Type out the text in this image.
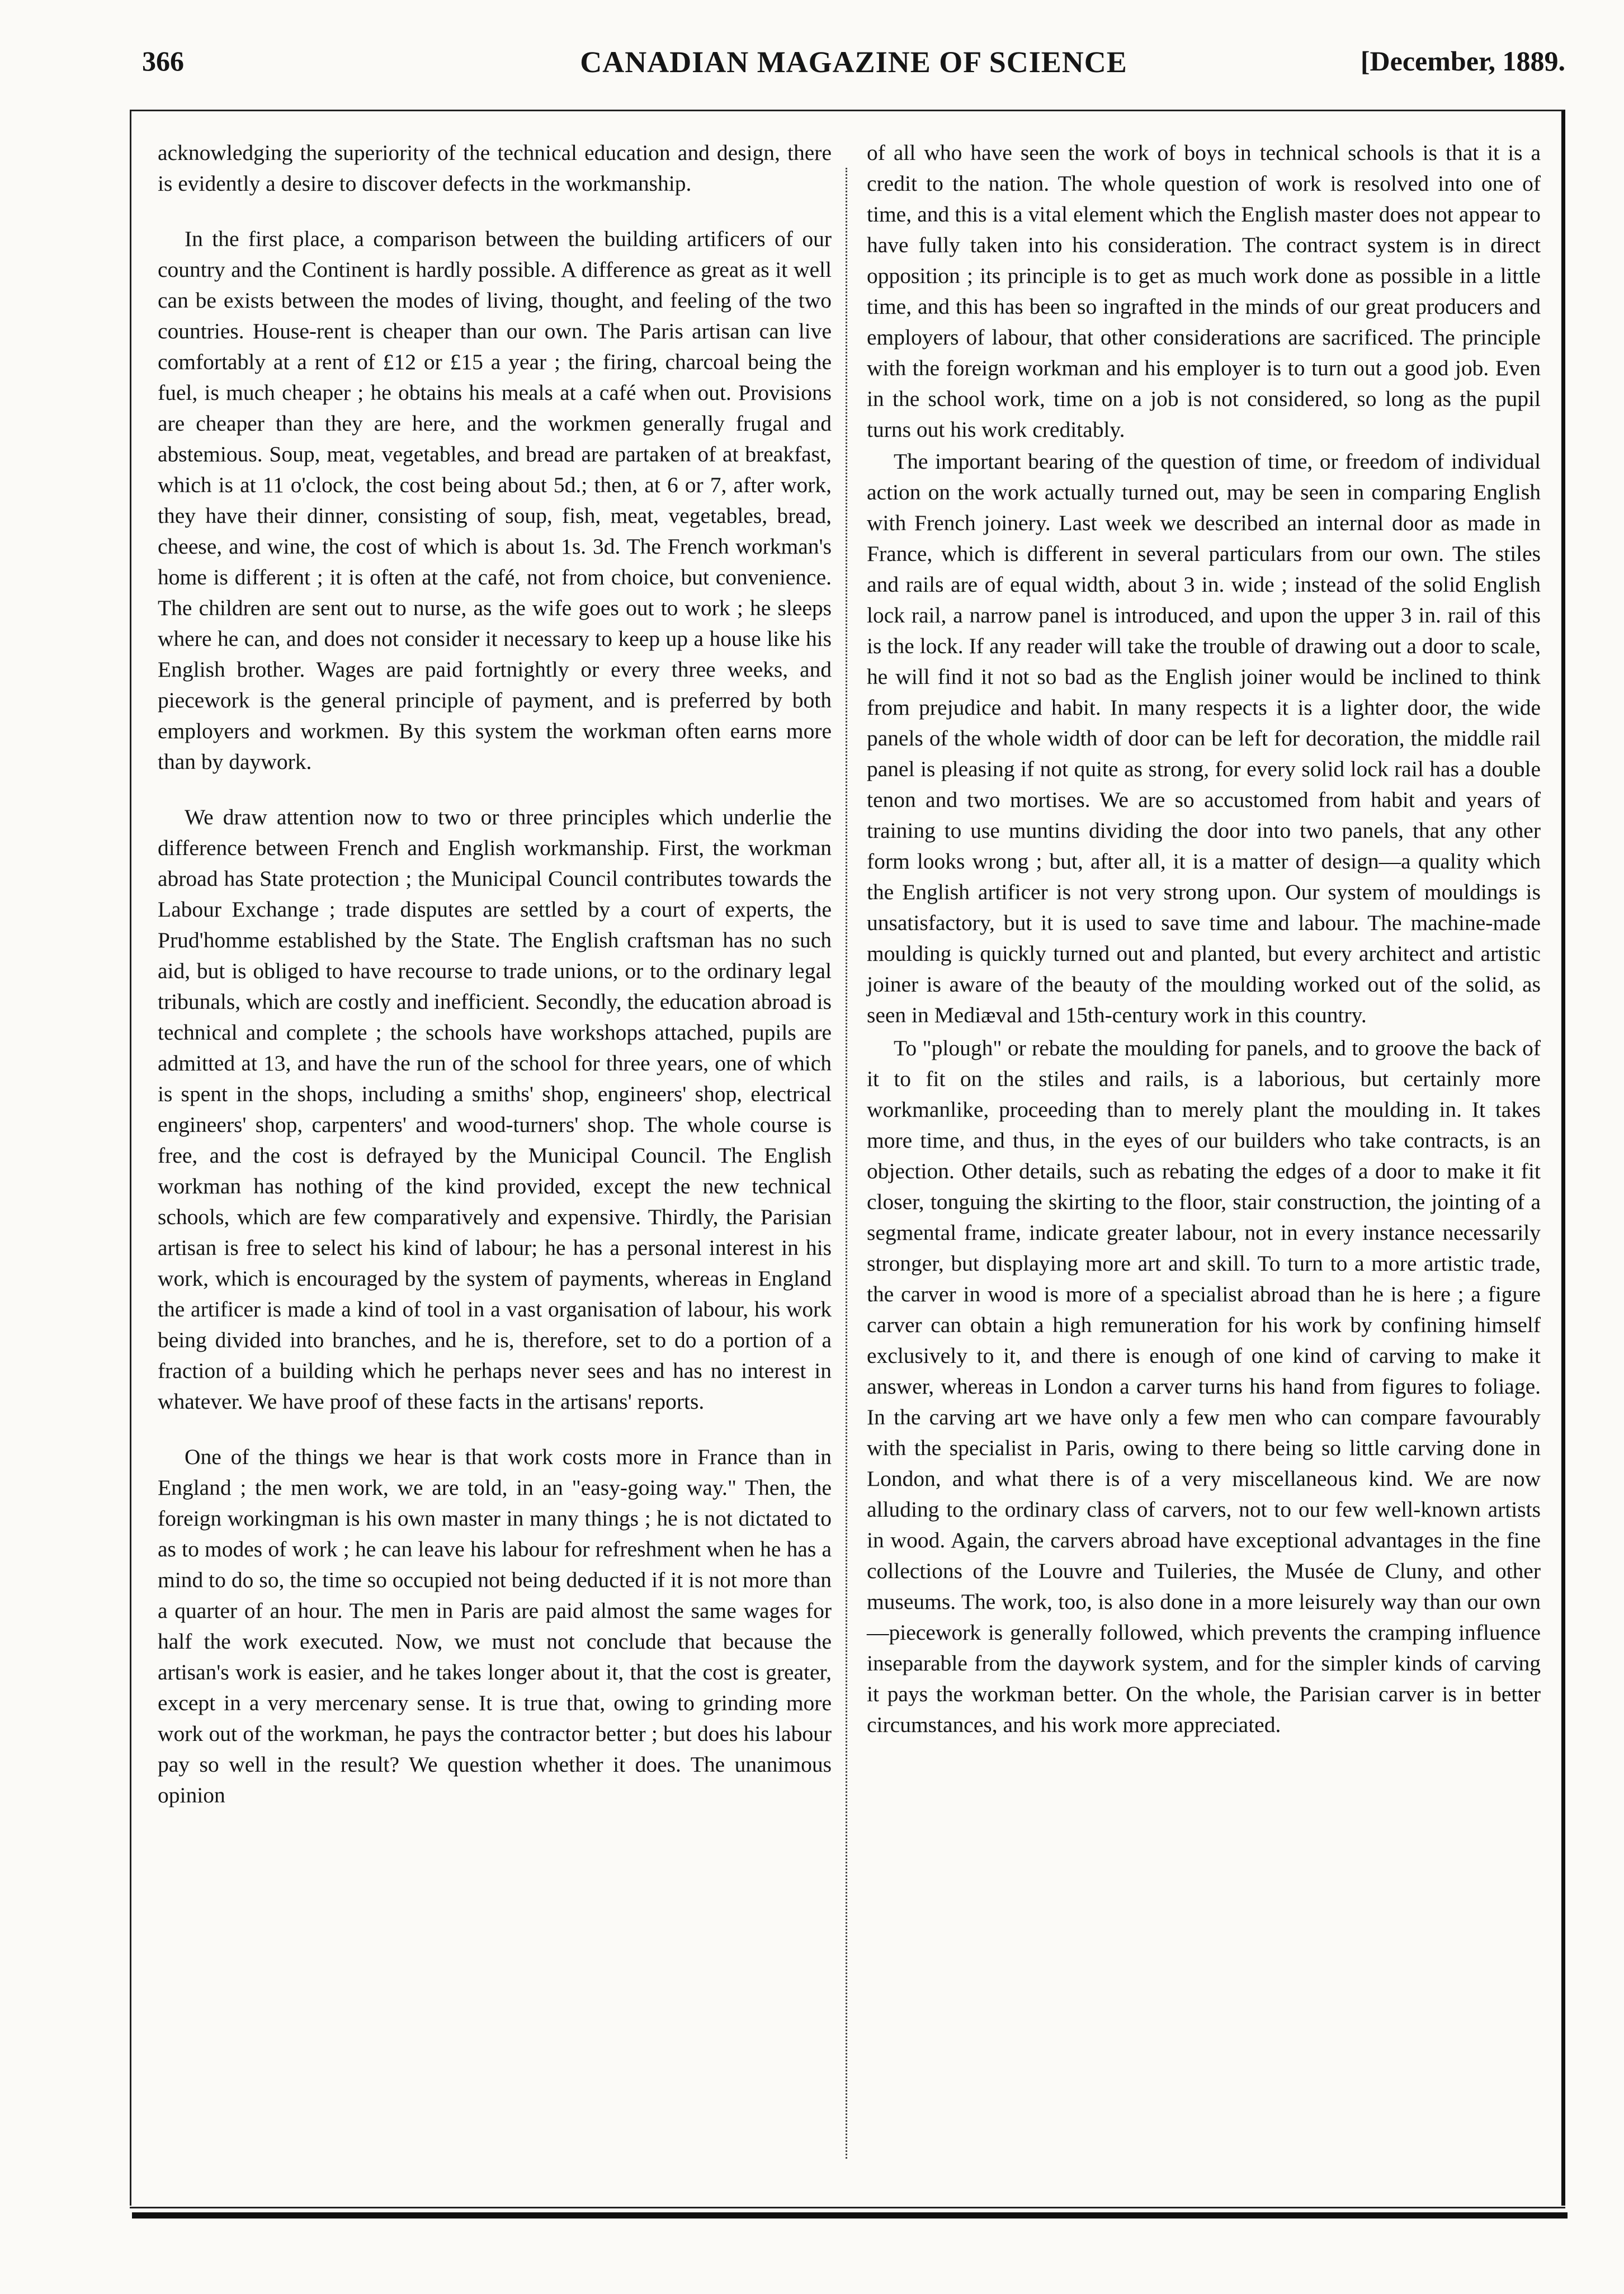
366	CANADIAN MAGAZINE OF SCIENCE	[December, 1889.

acknowledging the superiority of the technical education and design, there is evidently a desire to discover defects in the workmanship.

In the first place, a comparison between the building artificers of our country and the Continent is hardly possible. A difference as great as it well can be exists between the modes of living, thought, and feeling of the two countries. House-rent is cheaper than our own. The Paris artisan can live comfortably at a rent of £12 or £15 a year ; the firing, charcoal being the fuel, is much cheaper ; he obtains his meals at a café when out. Provisions are cheaper than they are here, and the workmen generally frugal and abstemious. Soup, meat, vegetables, and bread are partaken of at breakfast, which is at 11 o'clock, the cost being about 5d.; then, at 6 or 7, after work, they have their dinner, consisting of soup, fish, meat, vegetables, bread, cheese, and wine, the cost of which is about 1s. 3d. The French workman's home is different ; it is often at the café, not from choice, but convenience. The children are sent out to nurse, as the wife goes out to work ; he sleeps where he can, and does not consider it necessary to keep up a house like his English brother. Wages are paid fortnightly or every three weeks, and piecework is the general principle of payment, and is preferred by both employers and workmen. By this system the workman often earns more than by daywork.

We draw attention now to two or three principles which underlie the difference between French and English workmanship. First, the workman abroad has State protection ; the Municipal Council contributes towards the Labour Exchange ; trade disputes are settled by a court of experts, the Prud'homme established by the State. The English craftsman has no such aid, but is obliged to have recourse to trade unions, or to the ordinary legal tribunals, which are costly and inefficient. Secondly, the education abroad is technical and complete ; the schools have workshops attached, pupils are admitted at 13, and have the run of the school for three years, one of which is spent in the shops, including a smiths' shop, engineers' shop, electrical engineers' shop, carpenters' and wood-turners' shop. The whole course is free, and the cost is defrayed by the Municipal Council. The English workman has nothing of the kind provided, except the new technical schools, which are few comparatively and expensive. Thirdly, the Parisian artisan is free to select his kind of labour; he has a personal interest in his work, which is encouraged by the system of payments, whereas in England the artificer is made a kind of tool in a vast organisation of labour, his work being divided into branches, and he is, therefore, set to do a portion of a fraction of a building which he perhaps never sees and has no interest in whatever. We have proof of these facts in the artisans' reports.

One of the things we hear is that work costs more in France than in England ; the men work, we are told, in an "easy-going way." Then, the foreign workingman is his own master in many things ; he is not dictated to as to modes of work ; he can leave his labour for refreshment when he has a mind to do so, the time so occupied not being deducted if it is not more than a quarter of an hour. The men in Paris are paid almost the same wages for half the work executed. Now, we must not conclude that because the artisan's work is easier, and he takes longer about it, that the cost is greater, except in a very mercenary sense. It is true that, owing to grinding more work out of the workman, he pays the contractor better ; but does his labour pay so well in the result? We question whether it does. The unanimous opinion

of all who have seen the work of boys in technical schools is that it is a credit to the nation. The whole question of work is resolved into one of time, and this is a vital element which the English master does not appear to have fully taken into his consideration. The contract system is in direct opposition ; its principle is to get as much work done as possible in a little time, and this has been so ingrafted in the minds of our great producers and employers of labour, that other considerations are sacrificed. The principle with the foreign workman and his employer is to turn out a good job. Even in the school work, time on a job is not considered, so long as the pupil turns out his work creditably.

The important bearing of the question of time, or freedom of individual action on the work actually turned out, may be seen in comparing English with French joinery. Last week we described an internal door as made in France, which is different in several particulars from our own. The stiles and rails are of equal width, about 3 in. wide ; instead of the solid English lock rail, a narrow panel is introduced, and upon the upper 3 in. rail of this is the lock. If any reader will take the trouble of drawing out a door to scale, he will find it not so bad as the English joiner would be inclined to think from prejudice and habit. In many respects it is a lighter door, the wide panels of the whole width of door can be left for decoration, the middle rail panel is pleasing if not quite as strong, for every solid lock rail has a double tenon and two mortises. We are so accustomed from habit and years of training to use muntins dividing the door into two panels, that any other form looks wrong ; but, after all, it is a matter of design—a quality which the English artificer is not very strong upon. Our system of mouldings is unsatisfactory, but it is used to save time and labour. The machine-made moulding is quickly turned out and planted, but every architect and artistic joiner is aware of the beauty of the moulding worked out of the solid, as seen in Mediæval and 15th-century work in this country.

To "plough" or rebate the moulding for panels, and to groove the back of it to fit on the stiles and rails, is a laborious, but certainly more workmanlike, proceeding than to merely plant the moulding in. It takes more time, and thus, in the eyes of our builders who take contracts, is an objection. Other details, such as rebating the edges of a door to make it fit closer, tonguing the skirting to the floor, stair construction, the jointing of a segmental frame, indicate greater labour, not in every instance necessarily stronger, but displaying more art and skill. To turn to a more artistic trade, the carver in wood is more of a specialist abroad than he is here ; a figure carver can obtain a high remuneration for his work by confining himself exclusively to it, and there is enough of one kind of carving to make it answer, whereas in London a carver turns his hand from figures to foliage. In the carving art we have only a few men who can compare favourably with the specialist in Paris, owing to there being so little carving done in London, and what there is of a very miscellaneous kind. We are now alluding to the ordinary class of carvers, not to our few well-known artists in wood. Again, the carvers abroad have exceptional advantages in the fine collections of the Louvre and Tuileries, the Musée de Cluny, and other museums. The work, too, is also done in a more leisurely way than our own—piecework is generally followed, which prevents the cramping influence inseparable from the daywork system, and for the simpler kinds of carving it pays the workman better. On the whole, the Parisian carver is in better circumstances, and his work more appreciated.
